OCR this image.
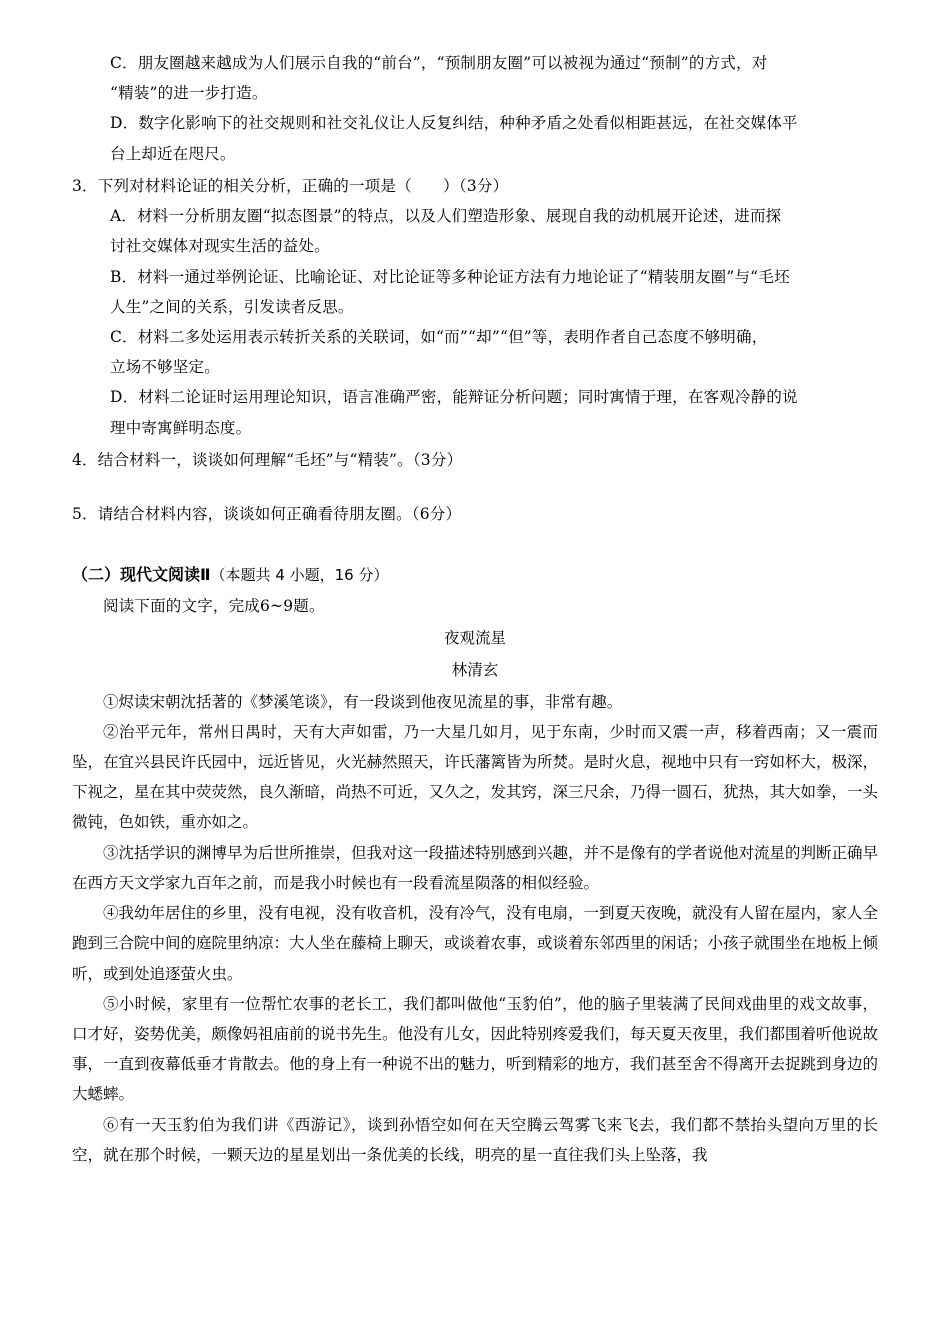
C．朋友圈越来越成为人们展示自我的“前台”，“预制朋友圈”可以被视为通过“预制”的方式，对
“精装”的进一步打造。
D．数字化影响下的社交规则和社交礼仪让人反复纠结，种种矛盾之处看似相距甚远，在社交媒体平
台上却近在咫尺。
3．下列对材料论证的相关分析，正确的一项是（　　）（3分）
A．材料一分析朋友圈“拟态图景”的特点，以及人们塑造形象、展现自我的动机展开论述，进而探
讨社交媒体对现实生活的益处。
B．材料一通过举例论证、比喻论证、对比论证等多种论证方法有力地论证了“精装朋友圈”与“毛坯
人生”之间的关系，引发读者反思。
C．材料二多处运用表示转折关系的关联词，如“而”“却”“但”等，表明作者自己态度不够明确，
立场不够坚定。
D．材料二论证时运用理论知识，语言准确严密，能辩证分析问题；同时寓情于理，在客观冷静的说
理中寄寓鲜明态度。
4．结合材料一，谈谈如何理解“毛坯”与“精装”。（3分）
5．请结合材料内容，谈谈如何正确看待朋友圈。（6分）
（二）现代文阅读Ⅱ（本题共 4 小题，16 分）
阅读下面的文字，完成6~9题。
夜观流星
林清玄
①烬读宋朝沈括著的《梦溪笔谈》，有一段谈到他夜见流星的事，非常有趣。
②治平元年，常州日禺时，天有大声如雷，乃一大星几如月，见于东南，少时而又震一声，移着西南；又一震而坠，在宜兴县民许氏园中，远近皆见，火光赫然照天，许氏藩篱皆为所焚。是时火息，视地中只有一窍如杯大，极深，下视之，星在其中荧荧然，良久渐暗，尚热不可近，又久之，发其窍，深三尺余，乃得一圆石，犹热，其大如拳，一头微钝，色如铁，重亦如之。
③沈括学识的渊博早为后世所推崇，但我对这一段描述特别感到兴趣，并不是像有的学者说他对流星的判断正确早在西方天文学家九百年之前，而是我小时候也有一段看流星陨落的相似经验。
④我幼年居住的乡里，没有电视，没有收音机，没有冷气，没有电扇，一到夏天夜晚，就没有人留在屋内，家人全跑到三合院中间的庭院里纳凉：大人坐在藤椅上聊天，或谈着农事，或谈着东邻西里的闲话；小孩子就围坐在地板上倾听，或到处追逐萤火虫。
⑤小时候，家里有一位帮忙农事的老长工，我们都叫做他“玉豹伯”，他的脑子里装满了民间戏曲里的戏文故事，口才好，姿势优美，颇像妈祖庙前的说书先生。他没有儿女，因此特别疼爱我们，每天夏天夜里，我们都围着听他说故事，一直到夜幕低垂才肯散去。他的身上有一种说不出的魅力，听到精彩的地方，我们甚至舍不得离开去捉跳到身边的大蟋蟀。
⑥有一天玉豹伯为我们讲《西游记》，谈到孙悟空如何在天空腾云驾雾飞来飞去，我们都不禁抬头望向万里的长空，就在那个时候，一颗天边的星星划出一条优美的长线，明亮的星一直往我们头上坠落，我
